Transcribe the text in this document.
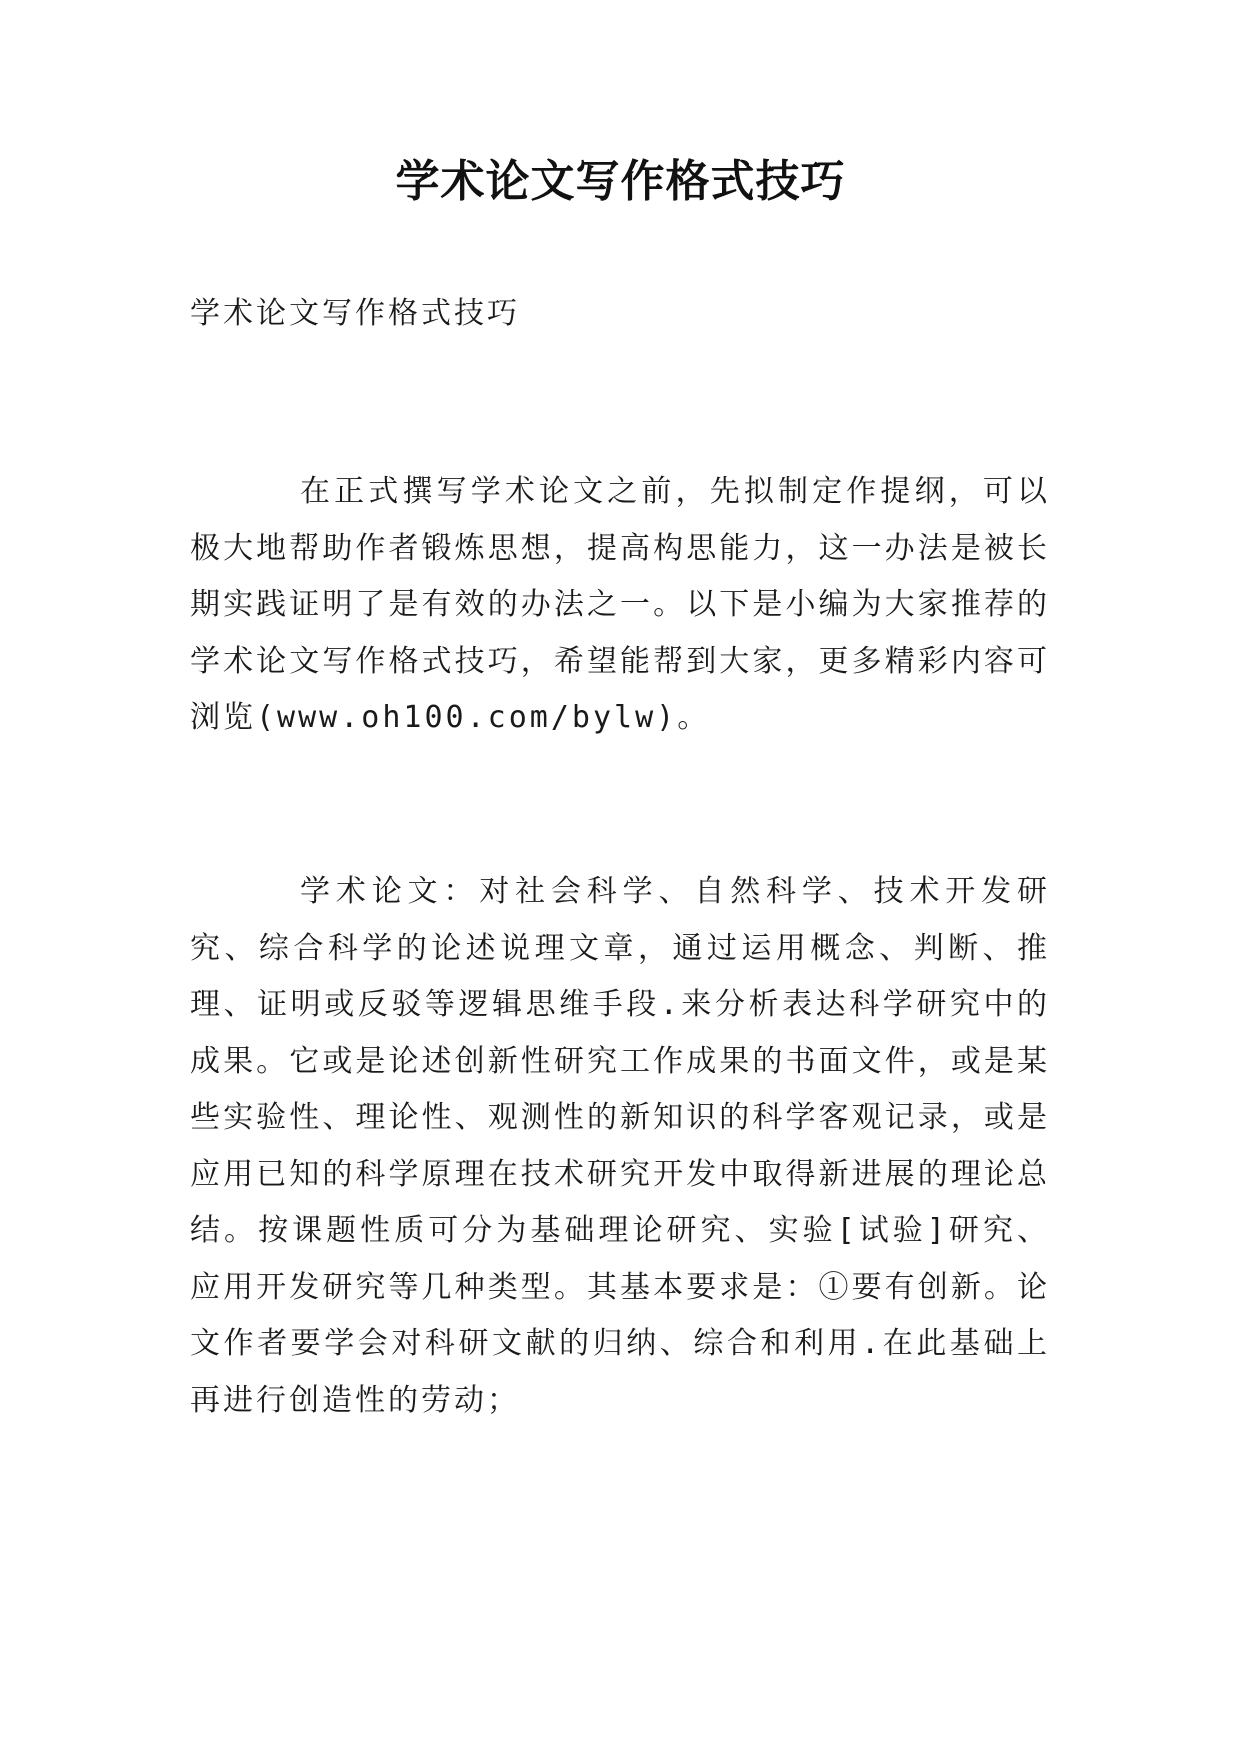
学术论文写作格式技巧
学术论文写作格式技巧
在正式撰写学术论文之前，先拟制定作提纲，可以极大地帮助作者锻炼思想，提高构思能力，这一办法是被长期实践证明了是有效的办法之一。以下是小编为大家推荐的学术论文写作格式技巧，希望能帮到大家，更多精彩内容可浏览(www.oh100.com/bylw)。
学术论文：对社会科学、自然科学、技术开发研究、综合科学的论述说理文章，通过运用概念、判断、推理、证明或反驳等逻辑思维手段.来分析表达科学研究中的成果。它或是论述创新性研究工作成果的书面文件，或是某些实验性、理论性、观测性的新知识的科学客观记录，或是应用已知的科学原理在技术研究开发中取得新进展的理论总结。按课题性质可分为基础理论研究、实验[试验]研究、应用开发研究等几种类型。其基本要求是：①要有创新。论文作者要学会对科研文献的归纳、综合和利用.在此基础上再进行创造性的劳动；
